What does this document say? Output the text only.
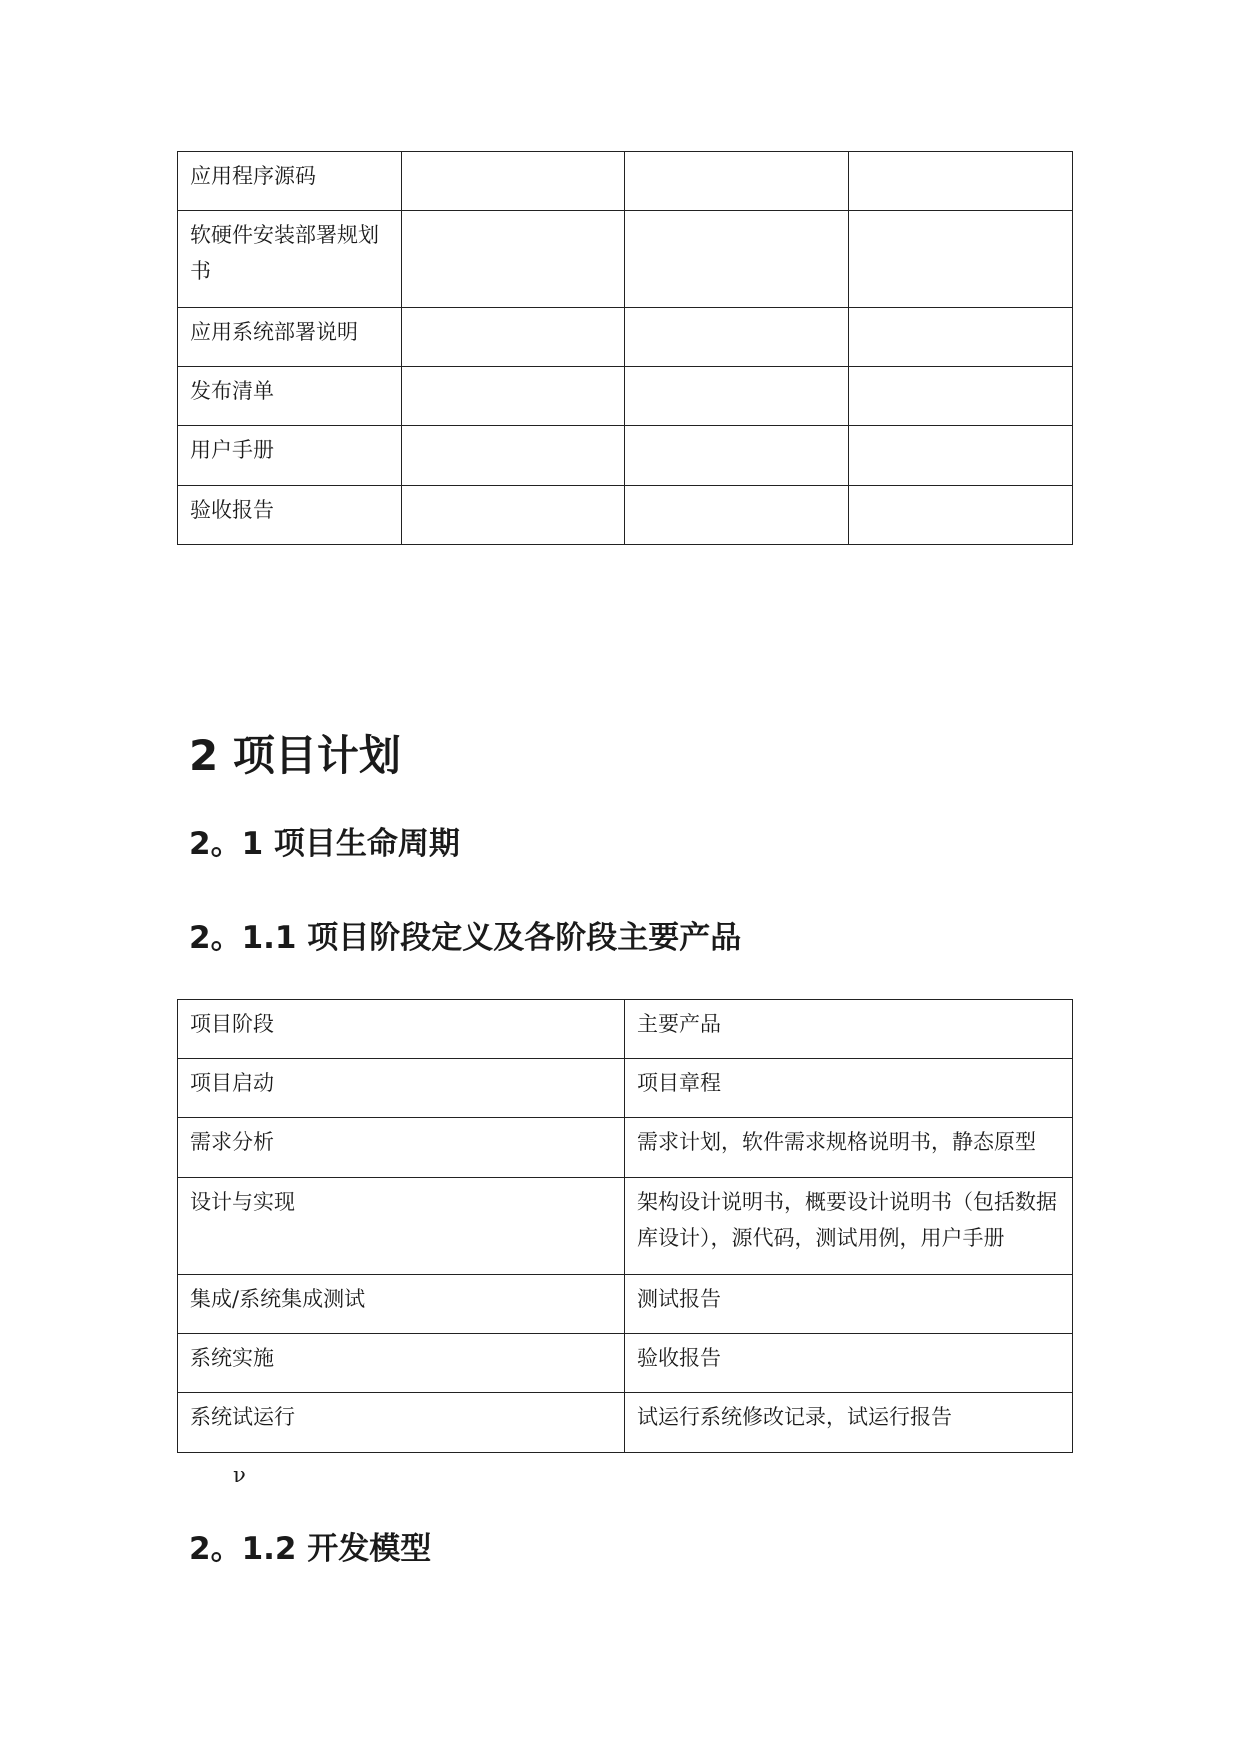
应用程序源码			
软硬件安装部署规划书			
应用系统部署说明			
发布清单			
用户手册			
验收报告			
2 项目计划
2。1 项目生命周期
2。1.1 项目阶段定义及各阶段主要产品
项目阶段	主要产品
项目启动	项目章程
需求分析	需求计划，软件需求规格说明书，静态原型
设计与实现	架构设计说明书，概要设计说明书（包括数据库设计），源代码，测试用例，用户手册
集成/系统集成测试	测试报告
系统实施	验收报告
系统试运行	试运行系统修改记录，试运行报告
ν
2。1.2 开发模型
